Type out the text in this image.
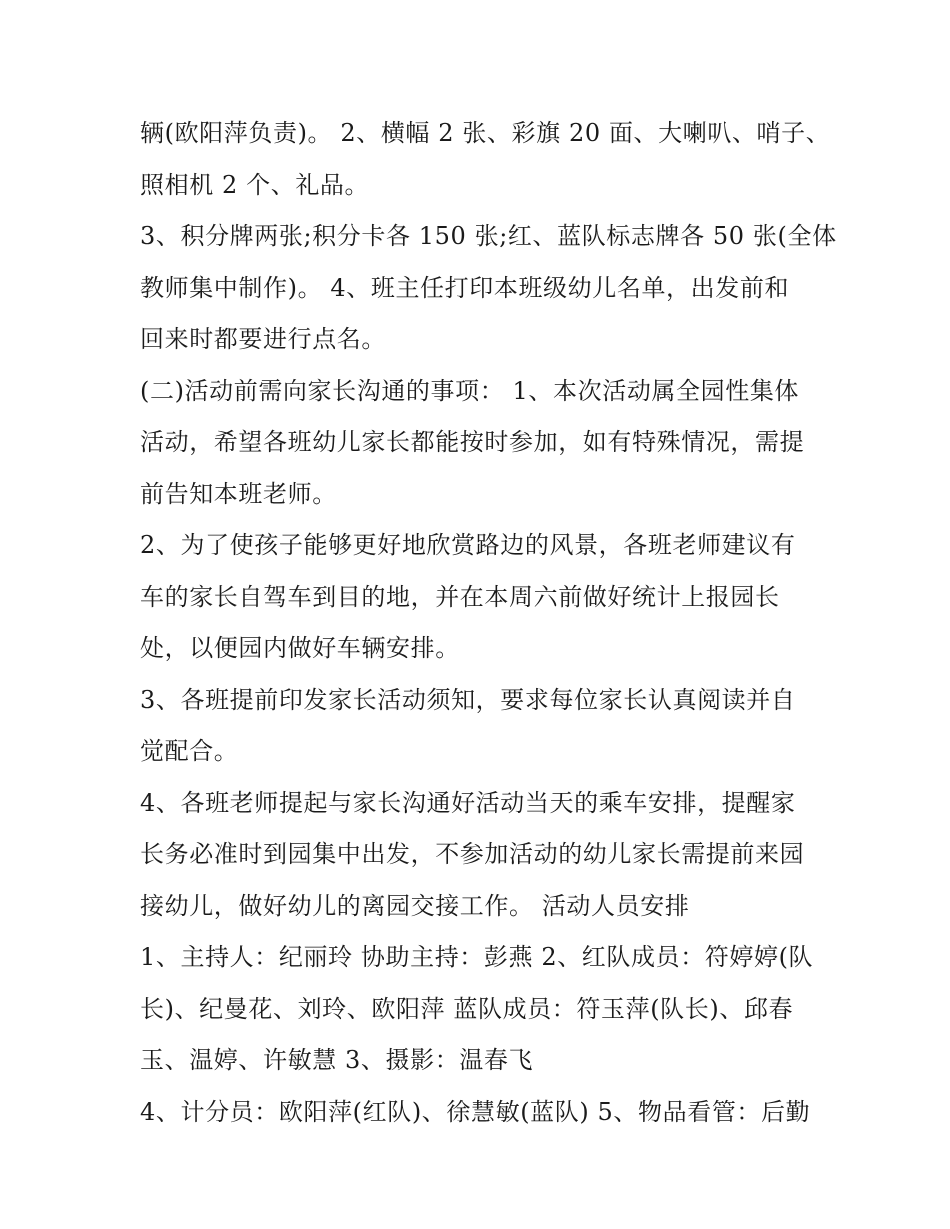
辆(欧阳萍负责)。 2、横幅 2 张、彩旗 20 面、大喇叭、哨子、
照相机 2 个、礼品。

3、积分牌两张;积分卡各 150 张;红、蓝队标志牌各 50 张(全体
教师集中制作)。 4、班主任打印本班级幼儿名单，出发前和
回来时都要进行点名。

(二)活动前需向家长沟通的事项： 1、本次活动属全园性集体
活动，希望各班幼儿家长都能按时参加，如有特殊情况，需提
前告知本班老师。

2、为了使孩子能够更好地欣赏路边的风景，各班老师建议有
车的家长自驾车到目的地，并在本周六前做好统计上报园长
处，以便园内做好车辆安排。

3、各班提前印发家长活动须知，要求每位家长认真阅读并自
觉配合。

4、各班老师提起与家长沟通好活动当天的乘车安排，提醒家
长务必准时到园集中出发，不参加活动的幼儿家长需提前来园
接幼儿，做好幼儿的离园交接工作。 活动人员安排

1、主持人：纪丽玲 协助主持：彭燕 2、红队成员：符婷婷(队
长)、纪曼花、刘玲、欧阳萍 蓝队成员：符玉萍(队长)、邱春
玉、温婷、许敏慧 3、摄影：温春飞

4、计分员：欧阳萍(红队)、徐慧敏(蓝队) 5、物品看管：后勤
